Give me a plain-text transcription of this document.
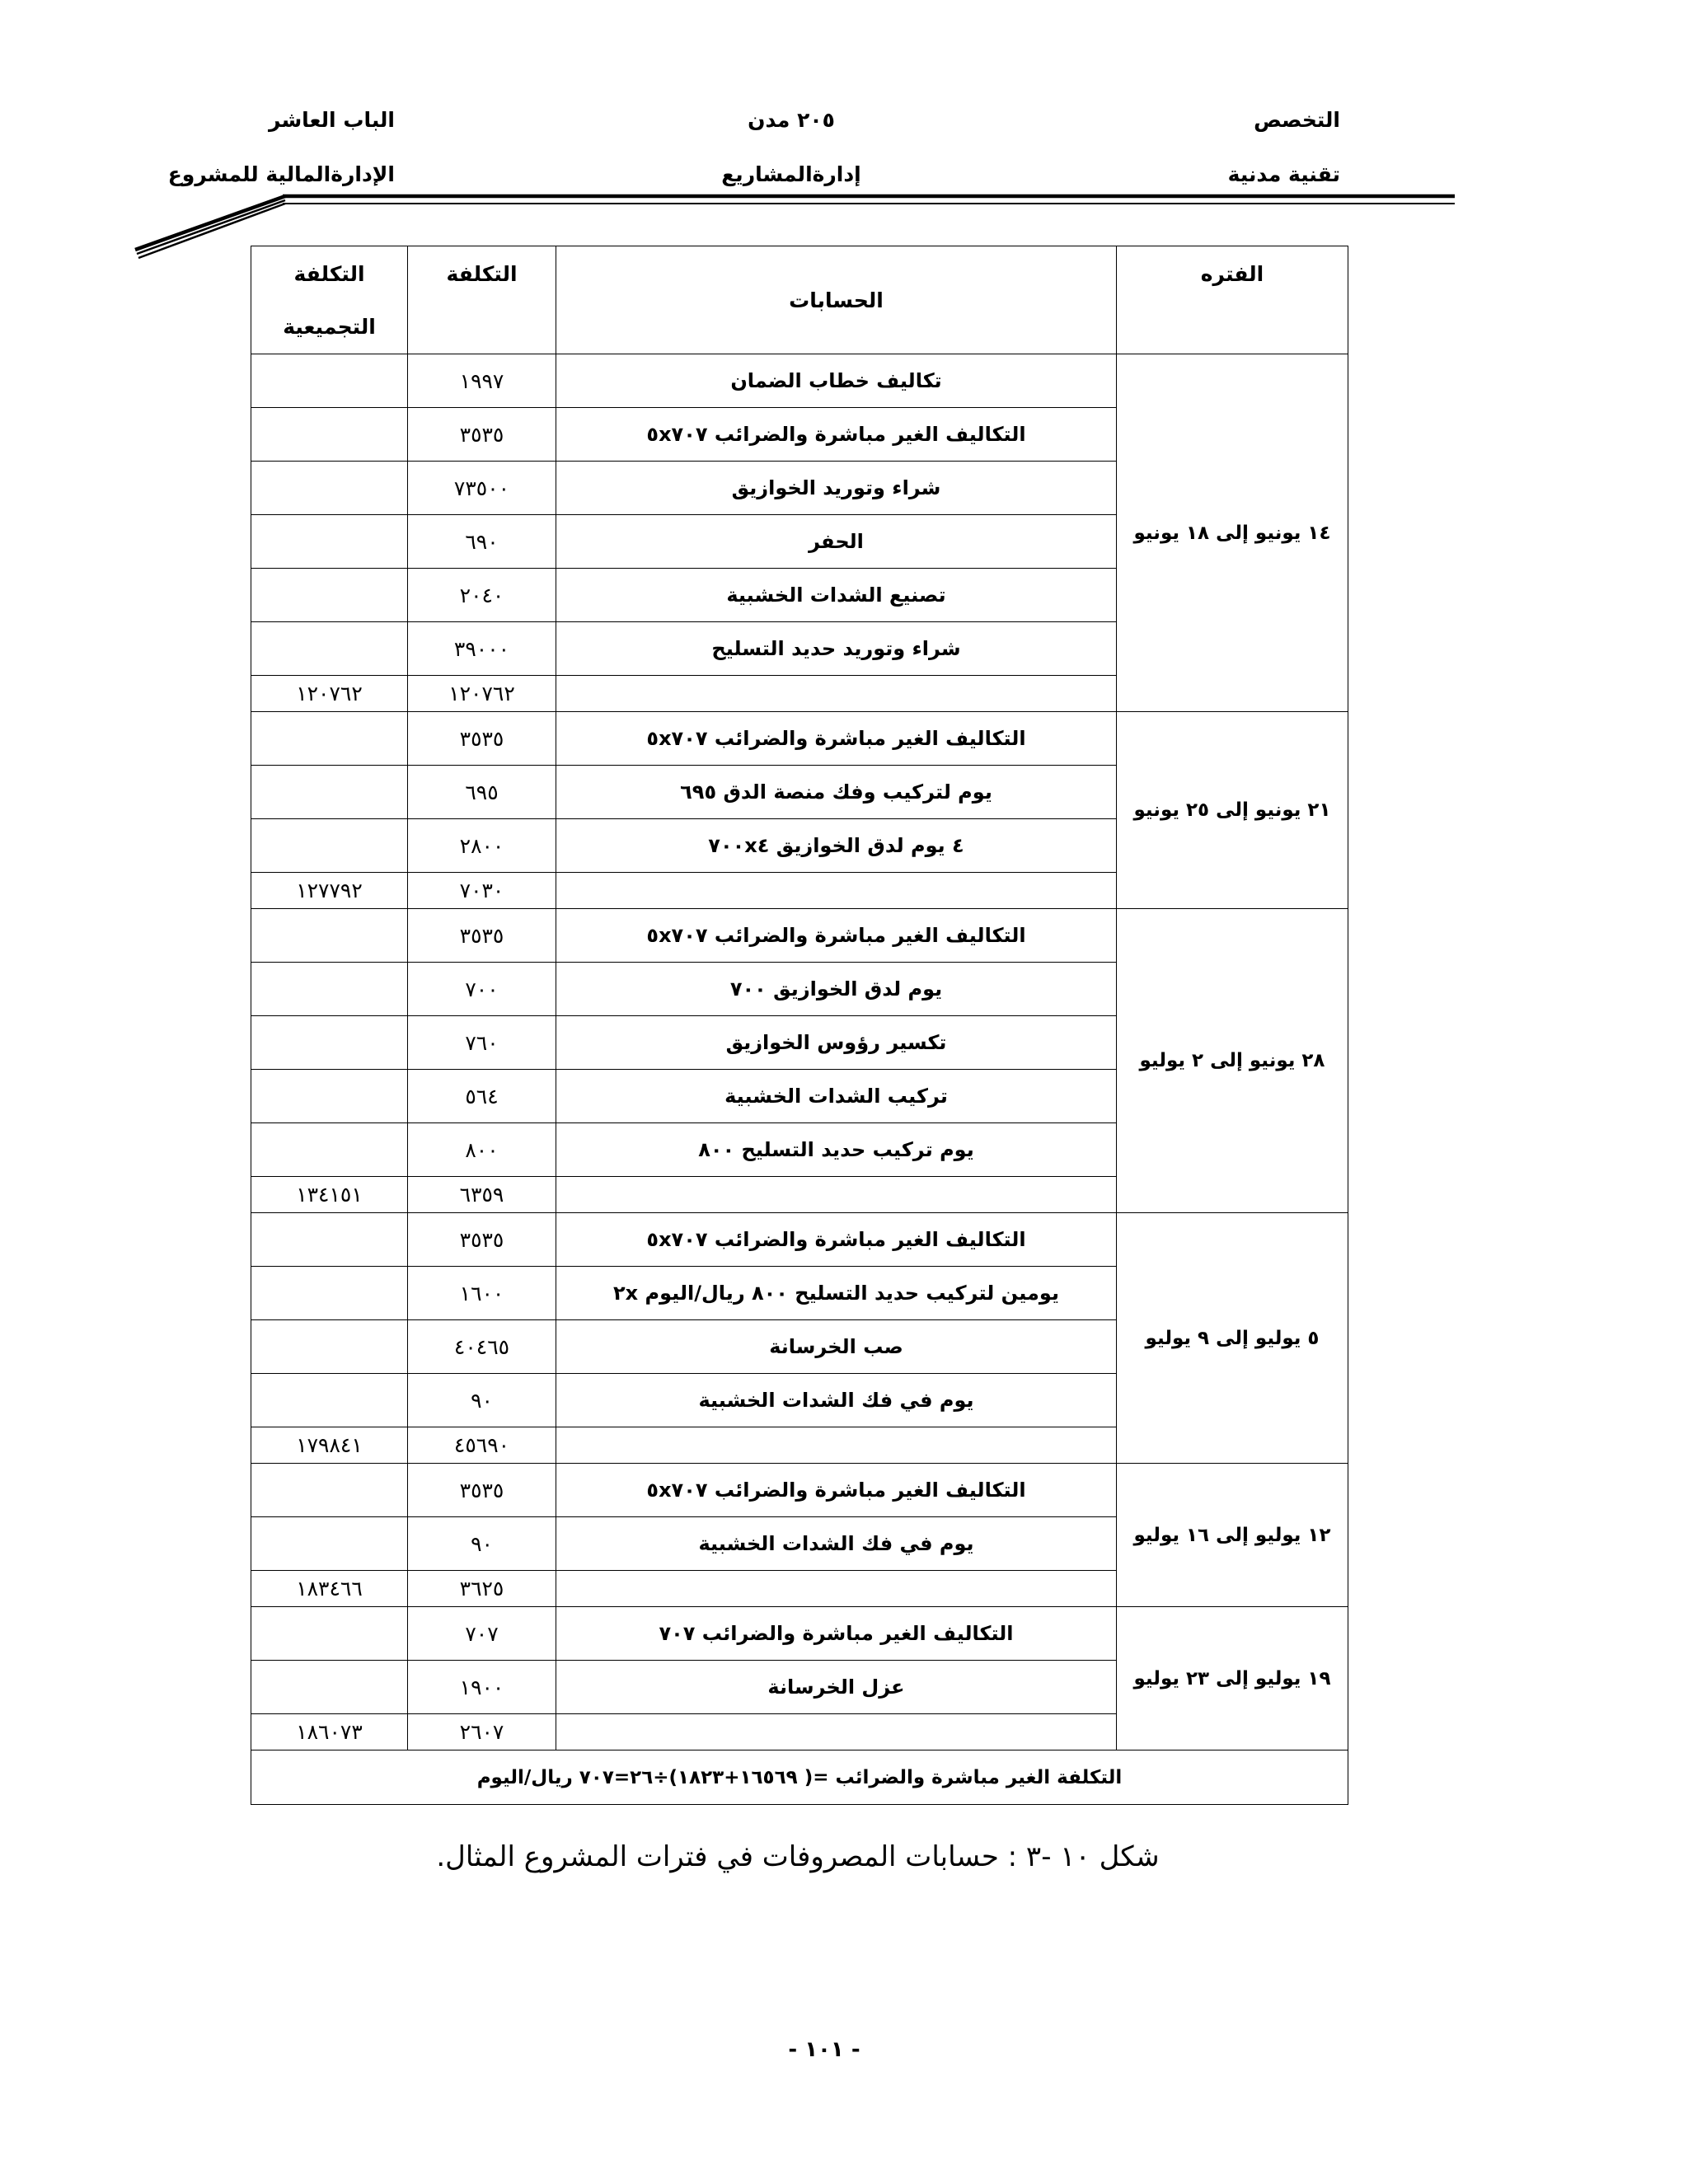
التخصص
تقنية مدنية
٢٠٥ مدن
إدارةالمشاريع
الباب العاشر
الإدارةالمالية للمشروع
الفتره	الحسابات	التكلفة	التكلفة
التجميعية

١٤ يونيو إلى ١٨ يونيو	تكاليف خطاب الضمان	١٩٩٧	
	التكاليف الغير مباشرة والضرائب ٥x٧٠٧	٣٥٣٥	
	شراء وتوريد الخوازيق	٧٣٥٠٠	
	الحفر	٦٩٠	
	تصنيع الشدات الخشبية	٢٠٤٠	
	شراء وتوريد حديد التسليح	٣٩٠٠٠	
		١٢٠٧٦٢	١٢٠٧٦٢
٢١ يونيو إلى ٢٥ يونيو	التكاليف الغير مباشرة والضرائب ٥x٧٠٧	٣٥٣٥	
	يوم لتركيب وفك منصة الدق ٦٩٥	٦٩٥	
	٤ يوم لدق الخوازيق ٧٠٠x٤	٢٨٠٠	
		٧٠٣٠	١٢٧٧٩٢
٢٨ يونيو إلى ٢ يوليو	التكاليف الغير مباشرة والضرائب ٥x٧٠٧	٣٥٣٥	
	يوم لدق الخوازيق ٧٠٠	٧٠٠	
	تكسير رؤوس الخوازيق	٧٦٠	
	تركيب الشدات الخشبية	٥٦٤	
	يوم تركيب حديد التسليح ٨٠٠	٨٠٠	
		٦٣٥٩	١٣٤١٥١
٥ يوليو إلى ٩ يوليو	التكاليف الغير مباشرة والضرائب ٥x٧٠٧	٣٥٣٥	
	يومين لتركيب حديد التسليح ٨٠٠ ريال/اليوم ٢x	١٦٠٠	
	صب الخرسانة	٤٠٤٦٥	
	يوم في فك الشدات الخشبية	٩٠	
		٤٥٦٩٠	١٧٩٨٤١
١٢ يوليو إلى ١٦ يوليو	التكاليف الغير مباشرة والضرائب ٥x٧٠٧	٣٥٣٥	
	يوم في فك الشدات الخشبية	٩٠	
		٣٦٢٥	١٨٣٤٦٦
١٩ يوليو إلى ٢٣ يوليو	التكاليف الغير مباشرة والضرائب ٧٠٧	٧٠٧	
	عزل الخرسانة	١٩٠٠	
		٢٦٠٧	١٨٦٠٧٣
التكلفة الغير مباشرة والضرائب =( ١٦٥٦٩+١٨٢٣)÷٢٦=٧٠٧ ريال/اليوم			
شكل ١٠ -٣ : حسابات المصروفات في فترات المشروع المثال.
- ١٠١ -
